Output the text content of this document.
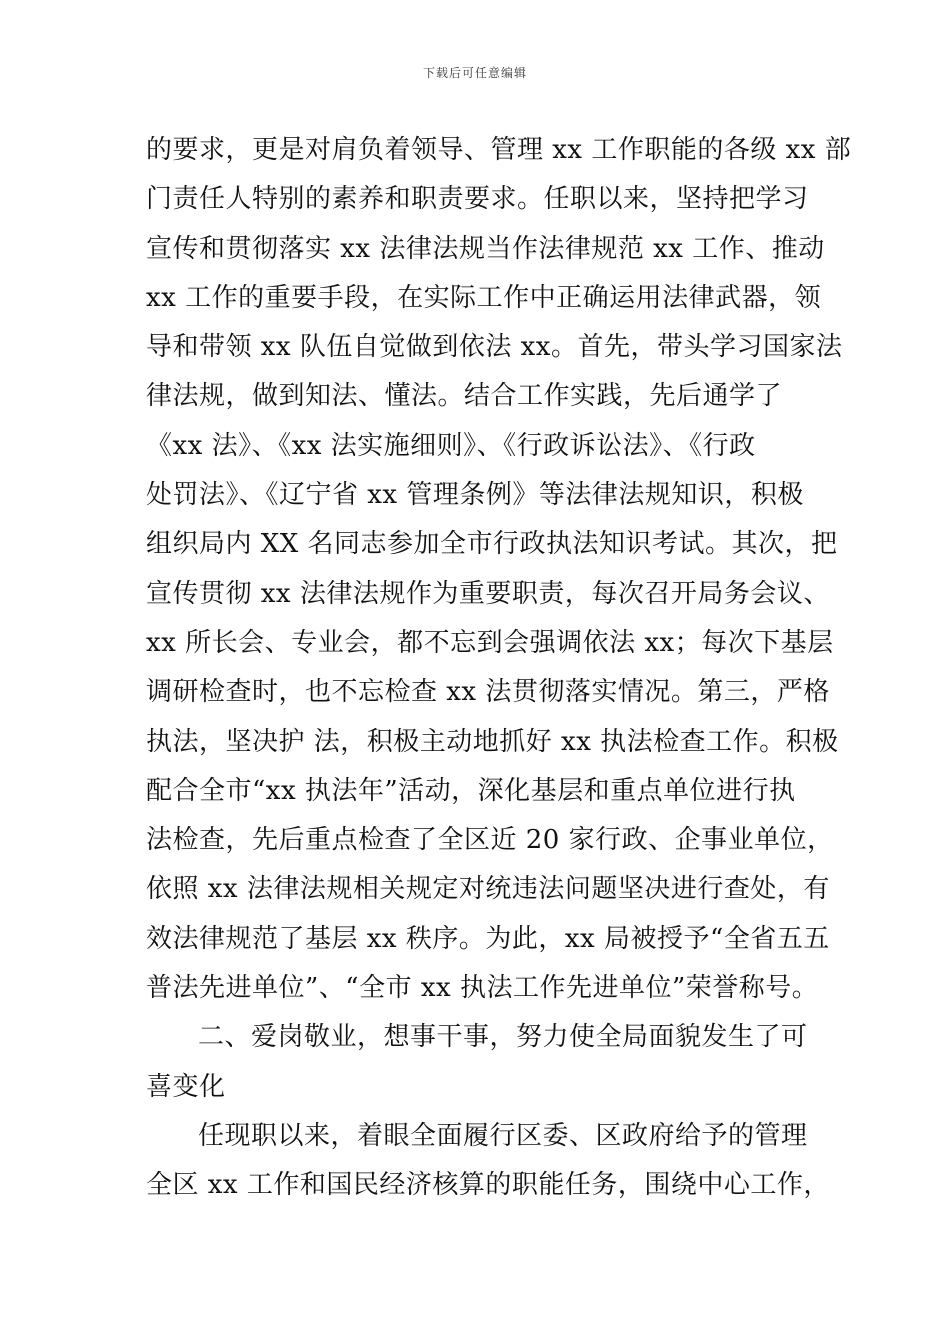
下载后可任意编辑
的要求，更是对肩负着领导、管理 xx 工作职能的各级 xx 部
门责任人特别的素养和职责要求。任职以来，坚持把学习
宣传和贯彻落实 xx 法律法规当作法律规范 xx 工作、推动
xx 工作的重要手段，在实际工作中正确运用法律武器，领
导和带领 xx 队伍自觉做到依法 xx。首先，带头学习国家法
律法规，做到知法、懂法。结合工作实践，先后通学了
《xx 法》、《xx 法实施细则》、《行政诉讼法》、《行政
处罚法》、《辽宁省 xx 管理条例》等法律法规知识，积极
组织局内 XX 名同志参加全市行政执法知识考试。其次，把
宣传贯彻 xx 法律法规作为重要职责，每次召开局务会议、
xx 所长会、专业会，都不忘到会强调依法 xx；每次下基层
调研检查时，也不忘检查 xx 法贯彻落实情况。第三，严格
执法，坚决护 法，积极主动地抓好 xx 执法检查工作。积极
配合全市“xx 执法年”活动，深化基层和重点单位进行执
法检查，先后重点检查了全区近 20 家行政、企事业单位，
依照 xx 法律法规相关规定对统违法问题坚决进行查处，有
效法律规范了基层 xx 秩序。为此，xx 局被授予“全省五五
普法先进单位”、“全市 xx 执法工作先进单位”荣誉称号。
二、爱岗敬业，想事干事，努力使全局面貌发生了可
喜变化
任现职以来，着眼全面履行区委、区政府给予的管理
全区 xx 工作和国民经济核算的职能任务，围绕中心工作，
